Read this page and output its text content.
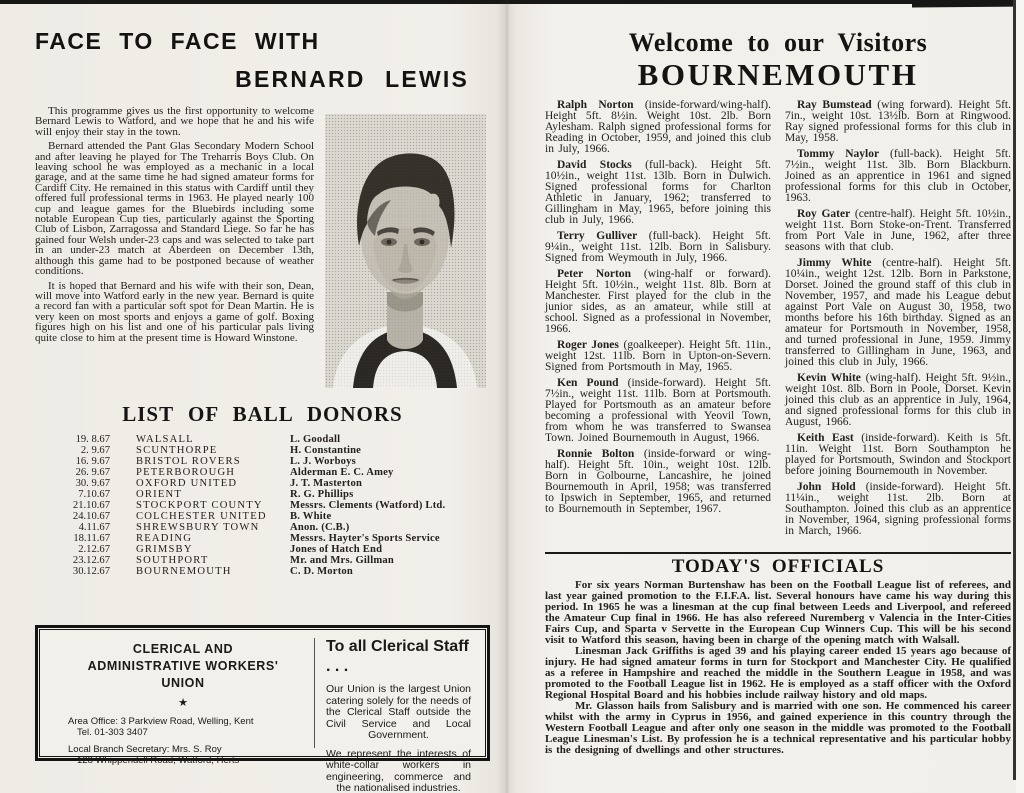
FACE TO FACE WITH
BERNARD LEWIS

This programme gives us the first opportunity to welcome Bernard Lewis to Watford, and we hope that he and his wife will enjoy their stay in the town.

Bernard attended the Pant Glas Secondary Modern School and after leaving he played for The Treharris Boys Club. On leaving school he was employed as a mechanic in a local garage, and at the same time he had signed amateur forms for Cardiff City. He remained in this status with Cardiff until they offered full professional terms in 1963. He played nearly 100 cup and league games for the Bluebirds including some notable European Cup ties, particularly against the Sporting Club of Lisbon, Zarragossa and Standard Liege. So far he has gained four Welsh under-23 caps and was selected to take part in an under-23 match at Aberdeen on December 13th, although this game had to be postponed because of weather conditions.

It is hoped that Bernard and his wife with their son, Dean, will move into Watford early in the new year. Bernard is quite a record fan with a particular soft spot for Dean Martin. He is very keen on most sports and enjoys a game of golf. Boxing figures high on his list and one of his particular pals living quite close to him at the present time is Howard Winstone.

LIST OF BALL DONORS
19. 8.67	WALSALL	L. Goodall
2. 9.67	SCUNTHORPE	H. Constantine
16. 9.67	BRISTOL ROVERS	L. J. Worboys
26. 9.67	PETERBOROUGH	Alderman E. C. Amey
30. 9.67	OXFORD UNITED	J. T. Masterton
7.10.67	ORIENT	R. G. Phillips
21.10.67	STOCKPORT COUNTY	Messrs. Clements (Watford) Ltd.
24.10.67	COLCHESTER UNITED	B. White
4.11.67	SHREWSBURY TOWN	Anon. (C.B.)
18.11.67	READING	Messrs. Hayter's Sports Service
2.12.67	GRIMSBY	Jones of Hatch End
23.12.67	SOUTHPORT	Mr. and Mrs. Gillman
30.12.67	BOURNEMOUTH	C. D. Morton
CLERICAL AND
ADMINISTRATIVE WORKERS'
UNION
★
Area Office: 3 Parkview Road, Welling, Kent
Tel. 01-303 3407
Local Branch Secretary: Mrs. S. Roy
128 Whippendell Road, Watford, Herts
To all Clerical Staff . . .

Our Union is the largest Union catering solely for the needs of the Clerical Staff outside the Civil Service and Local Government.

We represent the interests of white-collar workers in engineering, commerce and the nationalised industries.

Welcome to our Visitors
BOURNEMOUTH

Ralph Norton (inside-forward/wing-half). Height 5ft. 8½in. Weight 10st. 2lb. Born Aylesham. Ralph signed professional forms for Reading in October, 1959, and joined this club in July, 1966.

David Stocks (full-back). Height 5ft. 10½in., weight 11st. 13lb. Born in Dulwich. Signed professional forms for Charlton Athletic in January, 1962; transferred to Gillingham in May, 1965, before joining this club in July, 1966.

Terry Gulliver (full-back). Height 5ft. 9¼in., weight 11st. 12lb. Born in Salisbury. Signed from Weymouth in July, 1966.

Peter Norton (wing-half or forward). Height 5ft. 10½in., weight 11st. 8lb. Born at Manchester. First played for the club in the junior sides, as an amateur, while still at school. Signed as a professional in November, 1966.

Roger Jones (goalkeeper). Height 5ft. 11in., weight 12st. 11lb. Born in Upton-on-Severn. Signed from Portsmouth in May, 1965.

Ken Pound (inside-forward). Height 5ft. 7½in., weight 11st. 11lb. Born at Portsmouth. Played for Portsmouth as an amateur before becoming a professional with Yeovil Town, from whom he was transferred to Swansea Town. Joined Bournemouth in August, 1966.

Ronnie Bolton (inside-forward or wing-half). Height 5ft. 10in., weight 10st. 12lb. Born in Golbourne, Lancashire, he joined Bournemouth in April, 1958; was transferred to Ipswich in September, 1965, and returned to Bournemouth in September, 1967.

Ray Bumstead (wing forward). Height 5ft. 7in., weight 10st. 13½lb. Born at Ringwood. Ray signed professional forms for this club in May, 1958.

Tommy Naylor (full-back). Height 5ft. 7½in., weight 11st. 3lb. Born Blackburn. Joined as an apprentice in 1961 and signed professional forms for this club in October, 1963.

Roy Gater (centre-half). Height 5ft. 10½in., weight 11st. Born Stoke-on-Trent. Transferred from Port Vale in June, 1962, after three seasons with that club.

Jimmy White (centre-half). Height 5ft. 10¼in., weight 12st. 12lb. Born in Parkstone, Dorset. Joined the ground staff of this club in November, 1957, and made his League debut against Port Vale on August 30, 1958, two months before his 16th birthday. Signed as an amateur for Portsmouth in November, 1958, and turned professional in June, 1959. Jimmy transferred to Gillingham in June, 1963, and joined this club in July, 1966.

Kevin White (wing-half). Height 5ft. 9½in., weight 10st. 8lb. Born in Poole, Dorset. Kevin joined this club as an apprentice in July, 1964, and signed professional forms for this club in August, 1966.

Keith East (inside-forward). Keith is 5ft. 11in. Weight 11st. Born Southampton he played for Portsmouth, Swindon and Stockport before joining Bournemouth in November.

John Hold (inside-forward). Height 5ft. 11¼in., weight 11st. 2lb. Born at Southampton. Joined this club as an apprentice in November, 1964, signing professional forms in March, 1966.

TODAY'S OFFICIALS

For six years Norman Burtenshaw has been on the Football League list of referees, and last year gained promotion to the F.I.F.A. list. Several honours have came his way during this period. In 1965 he was a linesman at the cup final between Leeds and Liverpool, and refereed the Amateur Cup final in 1966. He has also refereed Nuremberg v Valencia in the Inter-Cities Fairs Cup, and Sparta v Servette in the European Cup Winners Cup. This will be his second visit to Watford this season, having been in charge of the opening match with Walsall.

Linesman Jack Griffiths is aged 39 and his playing career ended 15 years ago because of injury. He had signed amateur forms in turn for Stockport and Manchester City. He qualified as a referee in Hampshire and reached the middle in the Southern League in 1958, and was promoted to the Football League list in 1962. He is employed as a staff officer with the Oxford Regional Hospital Board and his hobbies include railway history and old maps.

Mr. Glasson hails from Salisbury and is married with one son. He commenced his career whilst with the army in Cyprus in 1956, and gained experience in this country through the Western Football League and after only one season in the middle was promoted to the Football League Linesman's List. By profession he is a technical representative and his particular hobby is the designing of dwellings and other structures.
